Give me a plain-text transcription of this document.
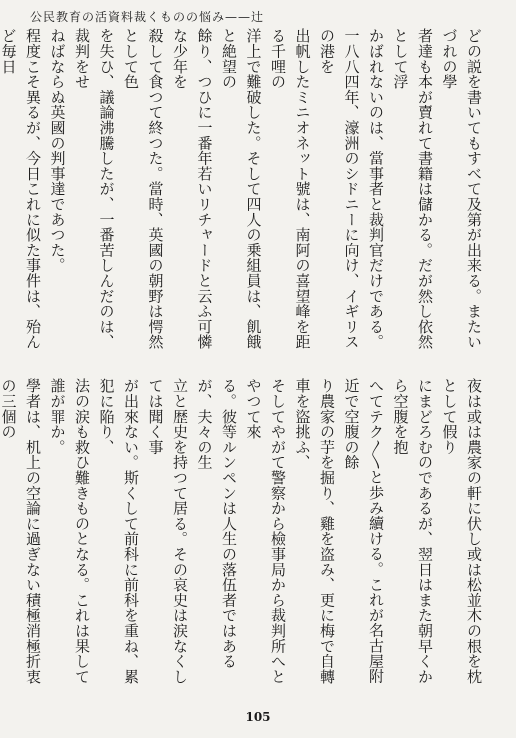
公民教育の活資料裁くものの悩み——辻

どの説を書いてもすべて及第が出来る。またいづれの學

者達も本が賣れて書籍は儲かる。だが然し依然として浮

かばれないのは、當事者と裁判官だけである。

一八八四年、濠洲のシドニーに向け、イギリスの港を

出帆したミニオネット號は、南阿の喜望峰を距る千哩の

洋上で難破した。そして四人の乗組員は、飢餓と絶望の

餘り、つひに一番年若いリチャードと云ふ可憐な少年を

殺して食つて終つた。當時、英國の朝野は愕然として色

を失ひ、議論沸騰したが、一番苦しんだのは、裁判をせ

ねばならぬ英國の判事達であつた。

程度こそ異るが、今日これに似た事件は、殆んど毎日

夜は或は農家の軒に伏し或は松並木の根を枕として假り

にまどろむのであるが、翌日はまた朝早くから空腹を抱

へてテク〳〵と歩み續ける。これが名古屋附近で空腹の餘

り農家の芋を掘り、雞を盗み、更に梅で自轉車を盜挑ふ、

そしてやがて警察から檢事局から裁判所へとやつて來

る。彼等ルンペンは人生の落伍者ではあるが、夫々の生

立と歴史を持つて居る。その哀史は涙なくしては聞く事

が出來ない。斯くして前科に前科を重ね、累犯に陥り、

法の涙も救ひ難きものとなる。これは果して誰が罪か。

學者は、机上の空論に過ぎない積極消極折衷の三個の

105
